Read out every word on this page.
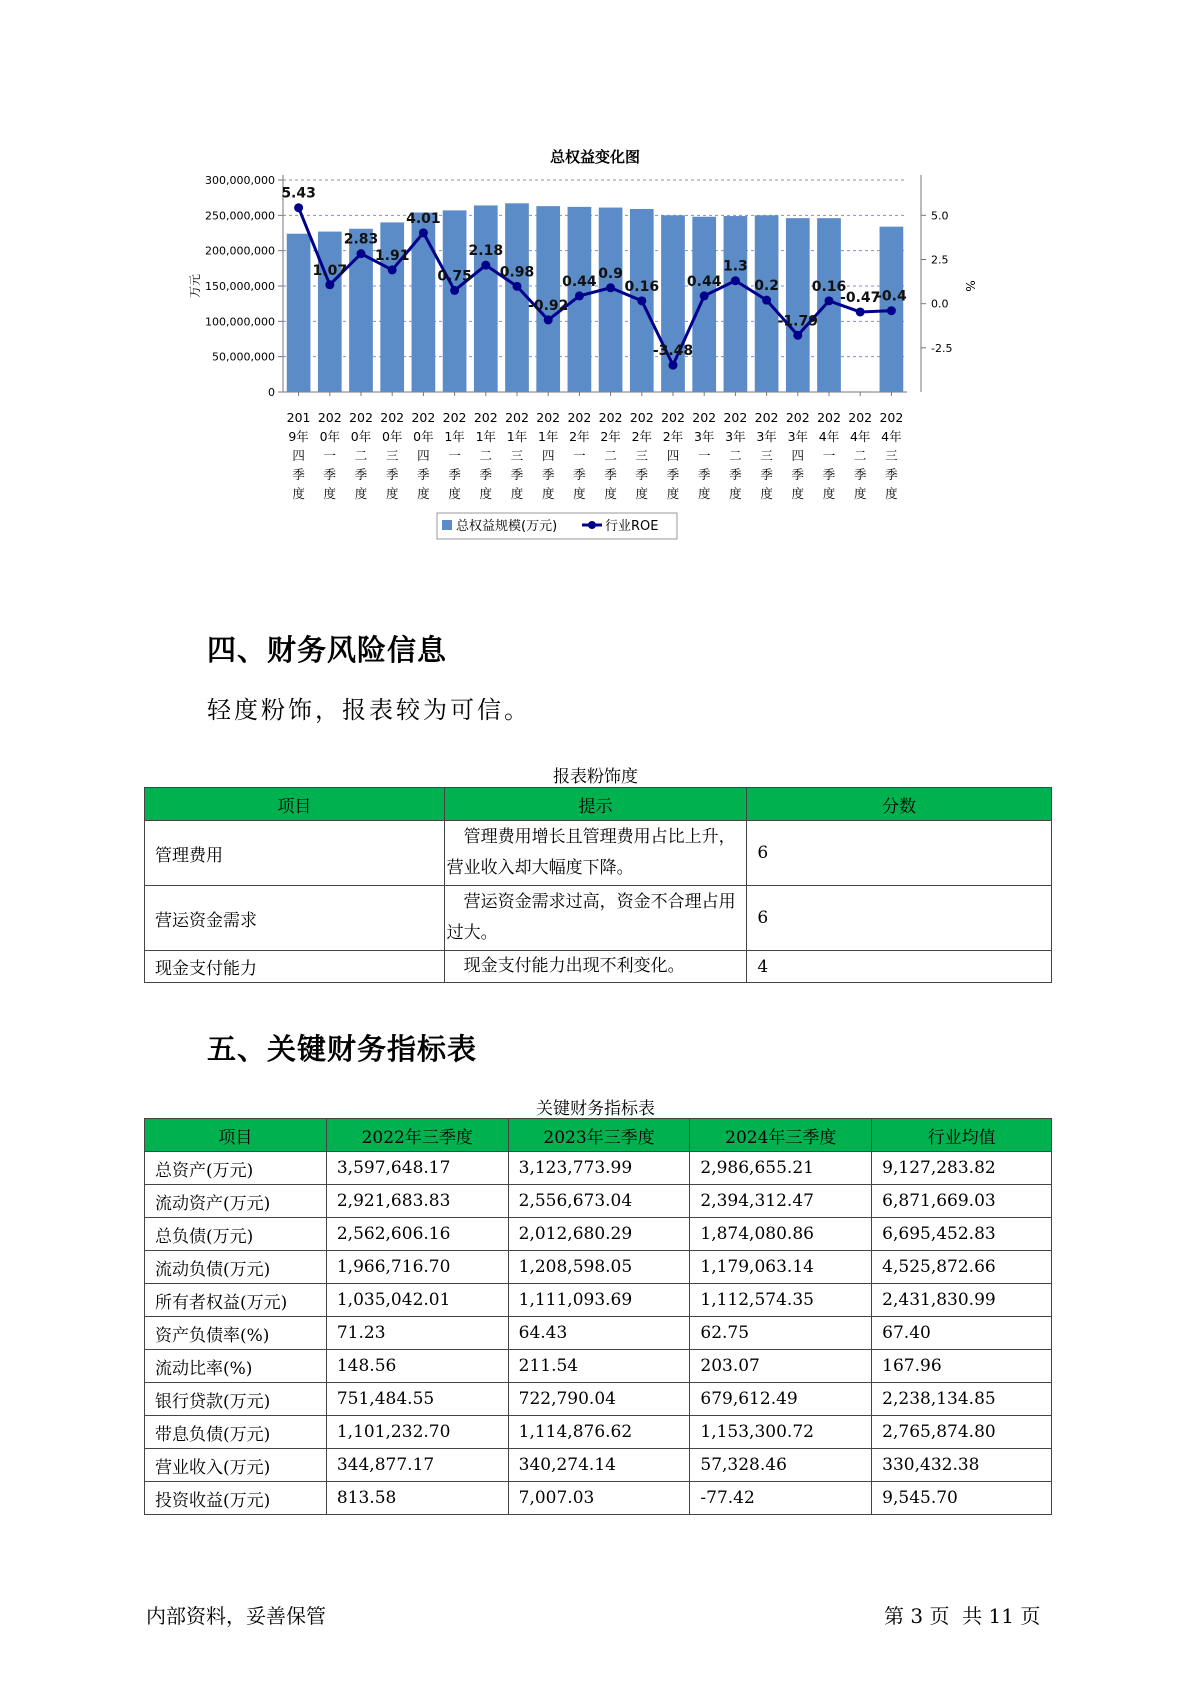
总权益变化图
0
50,000,000
100,000,000
150,000,000
200,000,000
250,000,000
300,000,000
万元
5.0
2.5
0.0
-2.5
%
201
9年
四
季
度
202
0年
一
季
度
202
0年
二
季
度
202
0年
三
季
度
202
0年
四
季
度
202
1年
一
季
度
202
1年
二
季
度
202
1年
三
季
度
202
1年
四
季
度
202
2年
一
季
度
202
2年
二
季
度
202
2年
三
季
度
202
2年
四
季
度
202
3年
一
季
度
202
3年
二
季
度
202
3年
三
季
度
202
3年
四
季
度
202
4年
一
季
度
202
4年
二
季
度
202
4年
三
季
度
5.43
1.07
2.83
1.91
4.01
0.75
2.18
0.98
-0.92
0.44
0.9
0.16
-3.48
0.44
1.3
0.2
-1.79
0.16
-0.47
-0.4
总权益规模(万元)	行业ROE
四、财务风险信息
轻度粉饰，报表较为可信。
报表粉饰度
项目	提示	分数
管理费用	　管理费用增长且管理费用占比上升，营业收入却大幅度下降。	6
营运资金需求	　营运资金需求过高，资金不合理占用过大。	6
现金支付能力	　现金支付能力出现不利变化。	4
五、关键财务指标表
关键财务指标表
项目	2022年三季度	2023年三季度	2024年三季度	行业均值
总资产(万元)	3,597,648.17	3,123,773.99	2,986,655.21	9,127,283.82
流动资产(万元)	2,921,683.83	2,556,673.04	2,394,312.47	6,871,669.03
总负债(万元)	2,562,606.16	2,012,680.29	1,874,080.86	6,695,452.83
流动负债(万元)	1,966,716.70	1,208,598.05	1,179,063.14	4,525,872.66
所有者权益(万元)	1,035,042.01	1,111,093.69	1,112,574.35	2,431,830.99
资产负债率(%)	71.23	64.43	62.75	67.40
流动比率(%)	148.56	211.54	203.07	167.96
银行贷款(万元)	751,484.55	722,790.04	679,612.49	2,238,134.85
带息负债(万元)	1,101,232.70	1,114,876.62	1,153,300.72	2,765,874.80
营业收入(万元)	344,877.17	340,274.14	57,328.46	330,432.38
投资收益(万元)	813.58	7,007.03	-77.42	9,545.70
内部资料，妥善保管	第 3 页  共 11 页
